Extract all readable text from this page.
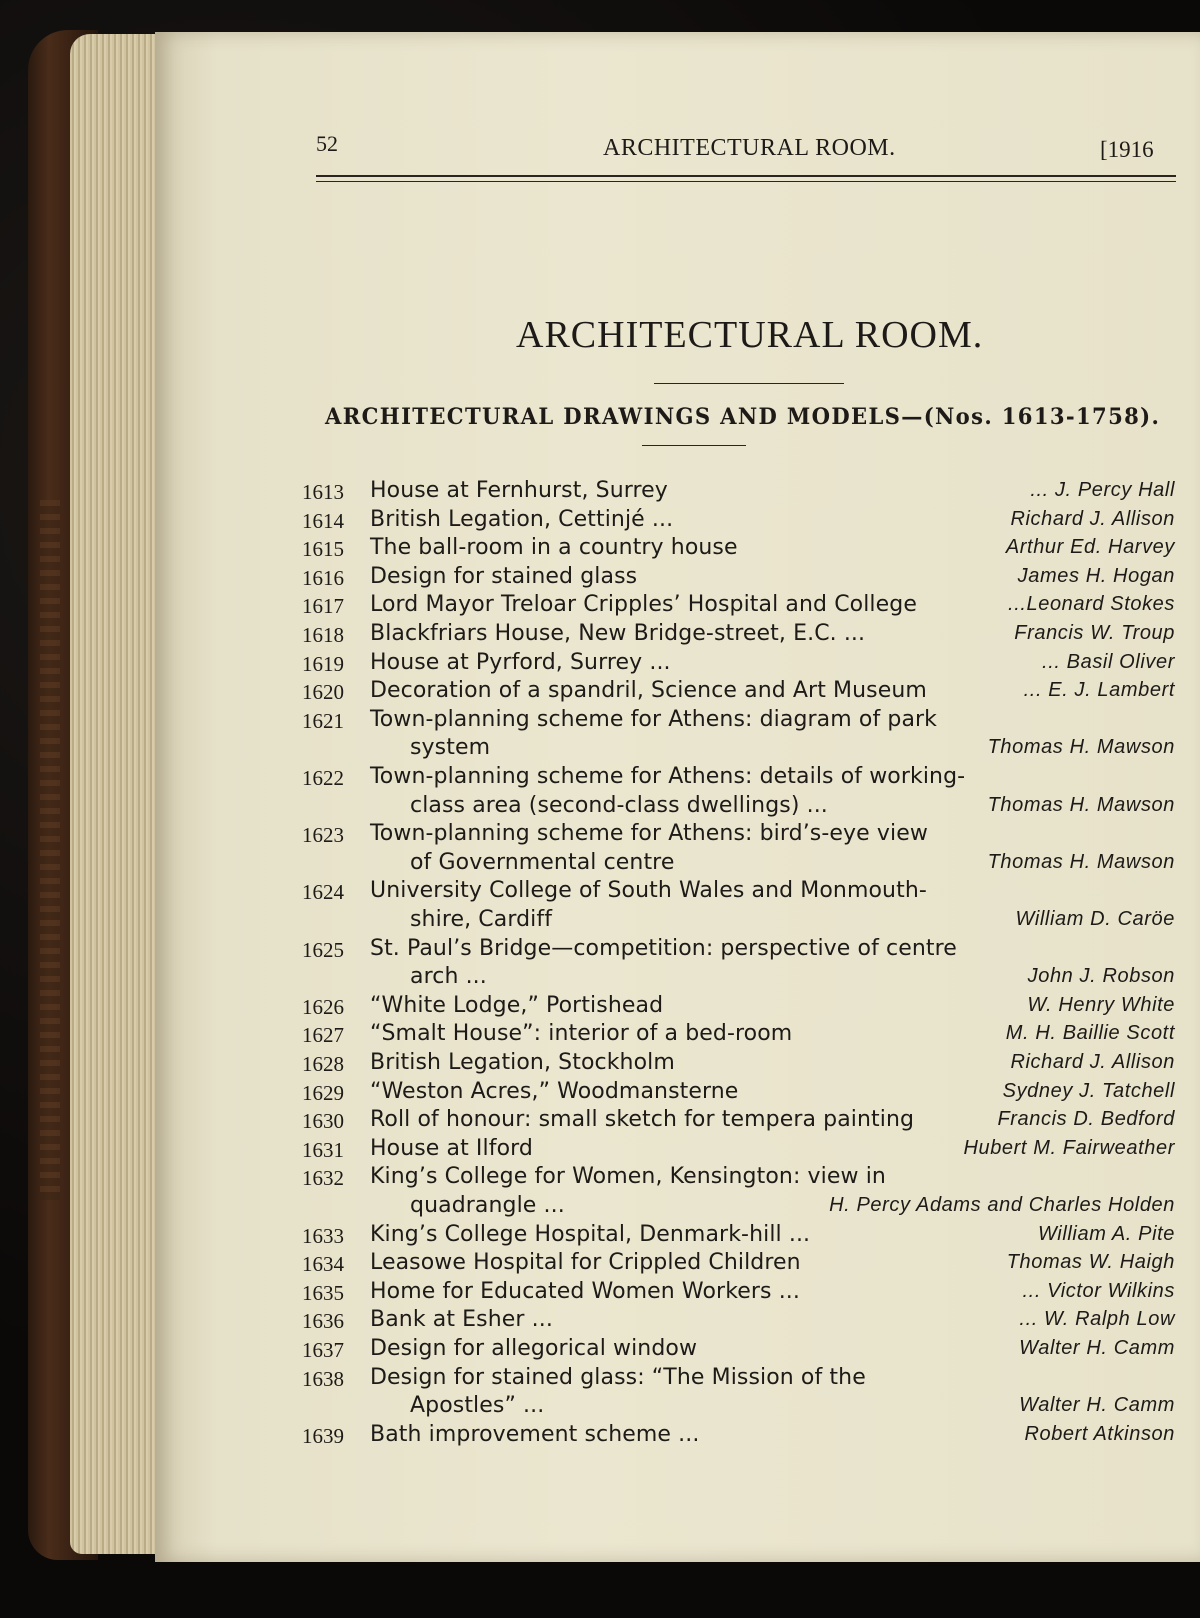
52	ARCHITECTURAL ROOM.	[1916
ARCHITECTURAL ROOM.
ARCHITECTURAL DRAWINGS AND MODELS—(Nos. 1613-1758).
1613 House at Fernhurst, Surrey	... J. Percy Hall
1614 British Legation, Cettinjé ...	Richard J. Allison
1615 The ball-room in a country house	Arthur Ed. Harvey
1616 Design for stained glass	James H. Hogan
1617 Lord Mayor Treloar Cripples’ Hospital and College	...Leonard Stokes
1618 Blackfriars House, New Bridge-street, E.C. ...	Francis W. Troup
1619 House at Pyrford, Surrey ...	... Basil Oliver
1620 Decoration of a spandril, Science and Art Museum	... E. J. Lambert
1621 Town-planning scheme for Athens: diagram of park
system	Thomas H. Mawson
1622 Town-planning scheme for Athens: details of working-
class area (second-class dwellings) ...	Thomas H. Mawson
1623 Town-planning scheme for Athens: bird’s-eye view
of Governmental centre	Thomas H. Mawson
1624 University College of South Wales and Monmouth-
shire, Cardiff	William D. Caröe
1625 St. Paul’s Bridge—competition: perspective of centre
arch ...	John J. Robson
1626 “White Lodge,” Portishead	W. Henry White
1627 “Smalt House”: interior of a bed-room	M. H. Baillie Scott
1628 British Legation, Stockholm	Richard J. Allison
1629 “Weston Acres,” Woodmansterne	Sydney J. Tatchell
1630 Roll of honour: small sketch for tempera painting	Francis D. Bedford
1631 House at Ilford	Hubert M. Fairweather
1632 King’s College for Women, Kensington: view in
quadrangle ...	H. Percy Adams and Charles Holden
1633 King’s College Hospital, Denmark-hill ...	William A. Pite
1634 Leasowe Hospital for Crippled Children	Thomas W. Haigh
1635 Home for Educated Women Workers ...	... Victor Wilkins
1636 Bank at Esher ...	... W. Ralph Low
1637 Design for allegorical window	Walter H. Camm
1638 Design for stained glass: “The Mission of the
Apostles” ...	Walter H. Camm
1639 Bath improvement scheme ...	Robert Atkinson
